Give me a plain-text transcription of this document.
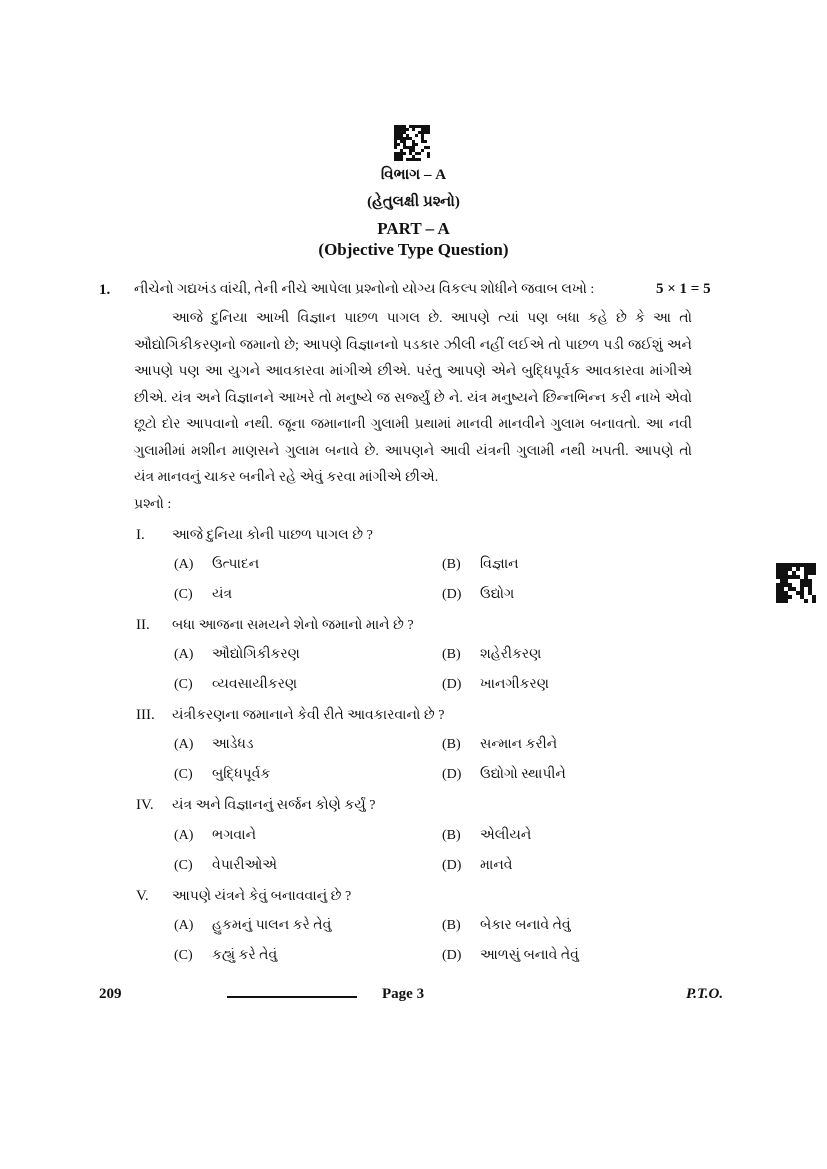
વિભાગ – A
(હેતુલક્ષી પ્રશ્નો)
PART – A
(Objective Type Question)
1. નીચેનો ગદ્યખંડ વાંચી, તેની નીચે આપેલા પ્રશ્નોનો યોગ્ય વિકલ્પ શોધીને જવાબ લખો :	5 × 1 = 5
આજે દુનિયા આખી વિજ્ઞાન પાછળ પાગલ છે. આપણે ત્યાં પણ બધા કહે છે કે આ તો
ઔદ્યોગિકીકરણનો જમાનો છે; આપણે વિજ્ઞાનનો પડકાર ઝીલી નહીં લઈએ તો પાછળ પડી જઈશું અને
આપણે પણ આ યુગને આવકારવા માંગીએ છીએ. પરંતુ આપણે એને બુદ્ધિપૂર્વક આવકારવા માંગીએ
છીએ. યંત્ર અને વિજ્ઞાનને આખરે તો મનુષ્યે જ સર્જ્યું છે ને. યંત્ર મનુષ્યને છિન્નભિન્ન કરી નાખે એવો
છૂટો દોર આપવાનો નથી. જૂના જમાનાની ગુલામી પ્રથામાં માનવી માનવીને ગુલામ બનાવતો. આ નવી
ગુલામીમાં મશીન માણસને ગુલામ બનાવે છે. આપણને આવી યંત્રની ગુલામી નથી ખપતી. આપણે તો
યંત્ર માનવનું ચાકર બનીને રહે એવું કરવા માંગીએ છીએ.
પ્રશ્નો :
I. આજે દુનિયા કોની પાછળ પાગલ છે ?
(A) ઉત્પાદન	(B) વિજ્ઞાન
(C) યંત્ર	(D) ઉદ્યોગ
II. બધા આજના સમયને શેનો જમાનો માને છે ?
(A) ઔદ્યોગિકીકરણ	(B) શહેરીકરણ
(C) વ્યવસાયીકરણ	(D) ખાનગીકરણ
III. યંત્રીકરણના જમાનાને કેવી રીતે આવકારવાનો છે ?
(A) આડેધડ	(B) સન્માન કરીને
(C) બુદ્ધિપૂર્વક	(D) ઉદ્યોગો સ્થાપીને
IV. યંત્ર અને વિજ્ઞાનનું સર્જન કોણે કર્યું ?
(A) ભગવાને	(B) એલીયને
(C) વેપારીઓએ	(D) માનવે
V. આપણે યંત્રને કેવું બનાવવાનું છે ?
(A) હુકમનું પાલન કરે તેવું	(B) બેકાર બનાવે તેવું
(C) કહ્યું કરે તેવું	(D) આળસું બનાવે તેવું
209	Page 3	P.T.O.
